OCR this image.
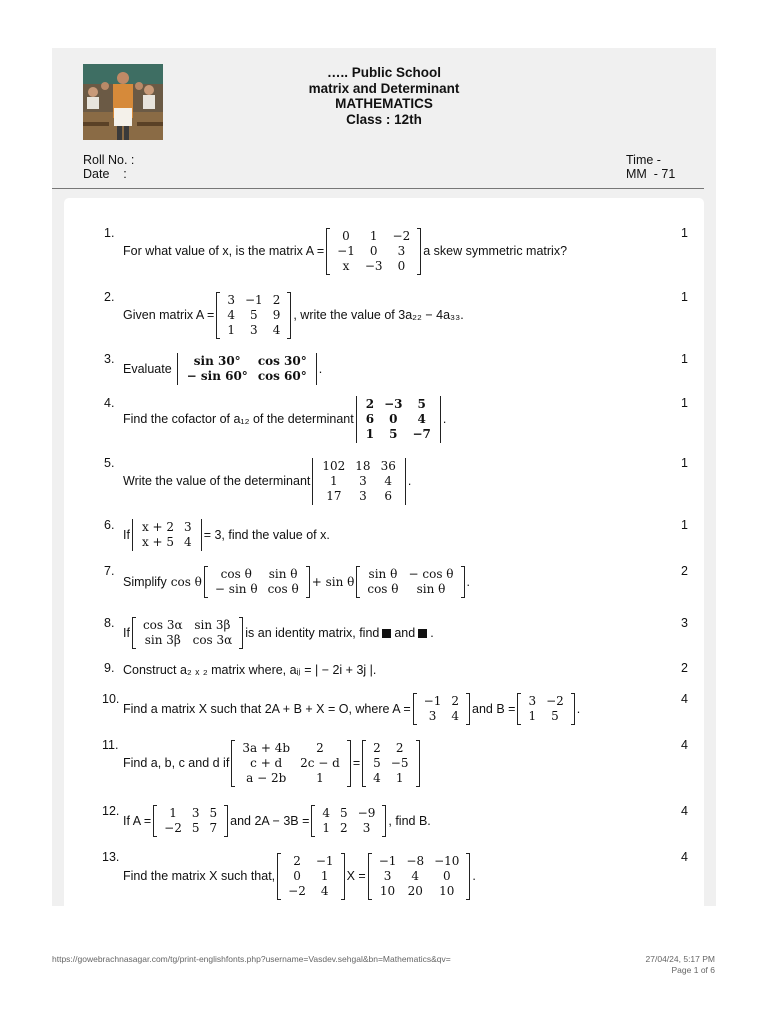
….. Public School
matrix and Determinant
MATHEMATICS
Class : 12th
Roll No. :
Date    :
Time -
MM  - 71
1.	1
For what value of x, is the matrix A =
0	1	−2
−1	0	3
x	−3	0
a skew symmetric matrix?
2.	1
Given matrix A =
3	−1	2
4	5	9
1	3	4
, write the value of 3a₂₂ − 4a₃₃.
3.	1
Evaluate
sin 30°	cos 30°
− sin 60°	cos 60° .
4.	1
Find the cofactor of a₁₂ of the determinant
2	−3	5
6	0	4
1	5	−7
.
5.	1
Write the value of the determinant
102	18	36
1	3	4
17	3	6
.
6.	1
If
x + 2	3
x + 5	4 = 3, find the value of x.
7.	2
Simplify cos θ
cos θ	sin θ
− sin θ	cos θ + sin θ
sin θ	− cos θ
cos θ	sin θ .
8.	3
If
cos 3α	sin 3β
sin 3β	cos 3α is an identity matrix, find and .
9.	2
Construct a₂ ₓ ₂ matrix where, aᵢⱼ = | − 2i + 3j |.
10.	4
Find a matrix X such that 2A + B + X = O, where A =
−1	2
3	4 and B =
3	−2
1	5 .
11.	4
Find a, b, c and d if
3a + 4b	2
c + d	2c − d
a − 2b	1
=
2	2
5	−5
4	1
12.	4
If A =
1	3	5
−2	5	7 and 2A − 3B =
4	5	−9
1	2	3 , find B.
13.	4
Find the matrix X such that,
2	−1
0	1
−2	4
X =
−1	−8	−10
3	4	0
10	20	10
.
https://gowebrachnasagar.com/tg/print-englishfonts.php?username=Vasdev.sehgal&bn=Mathematics&qv=	27/04/24, 5:17 PM
Page 1 of 6
